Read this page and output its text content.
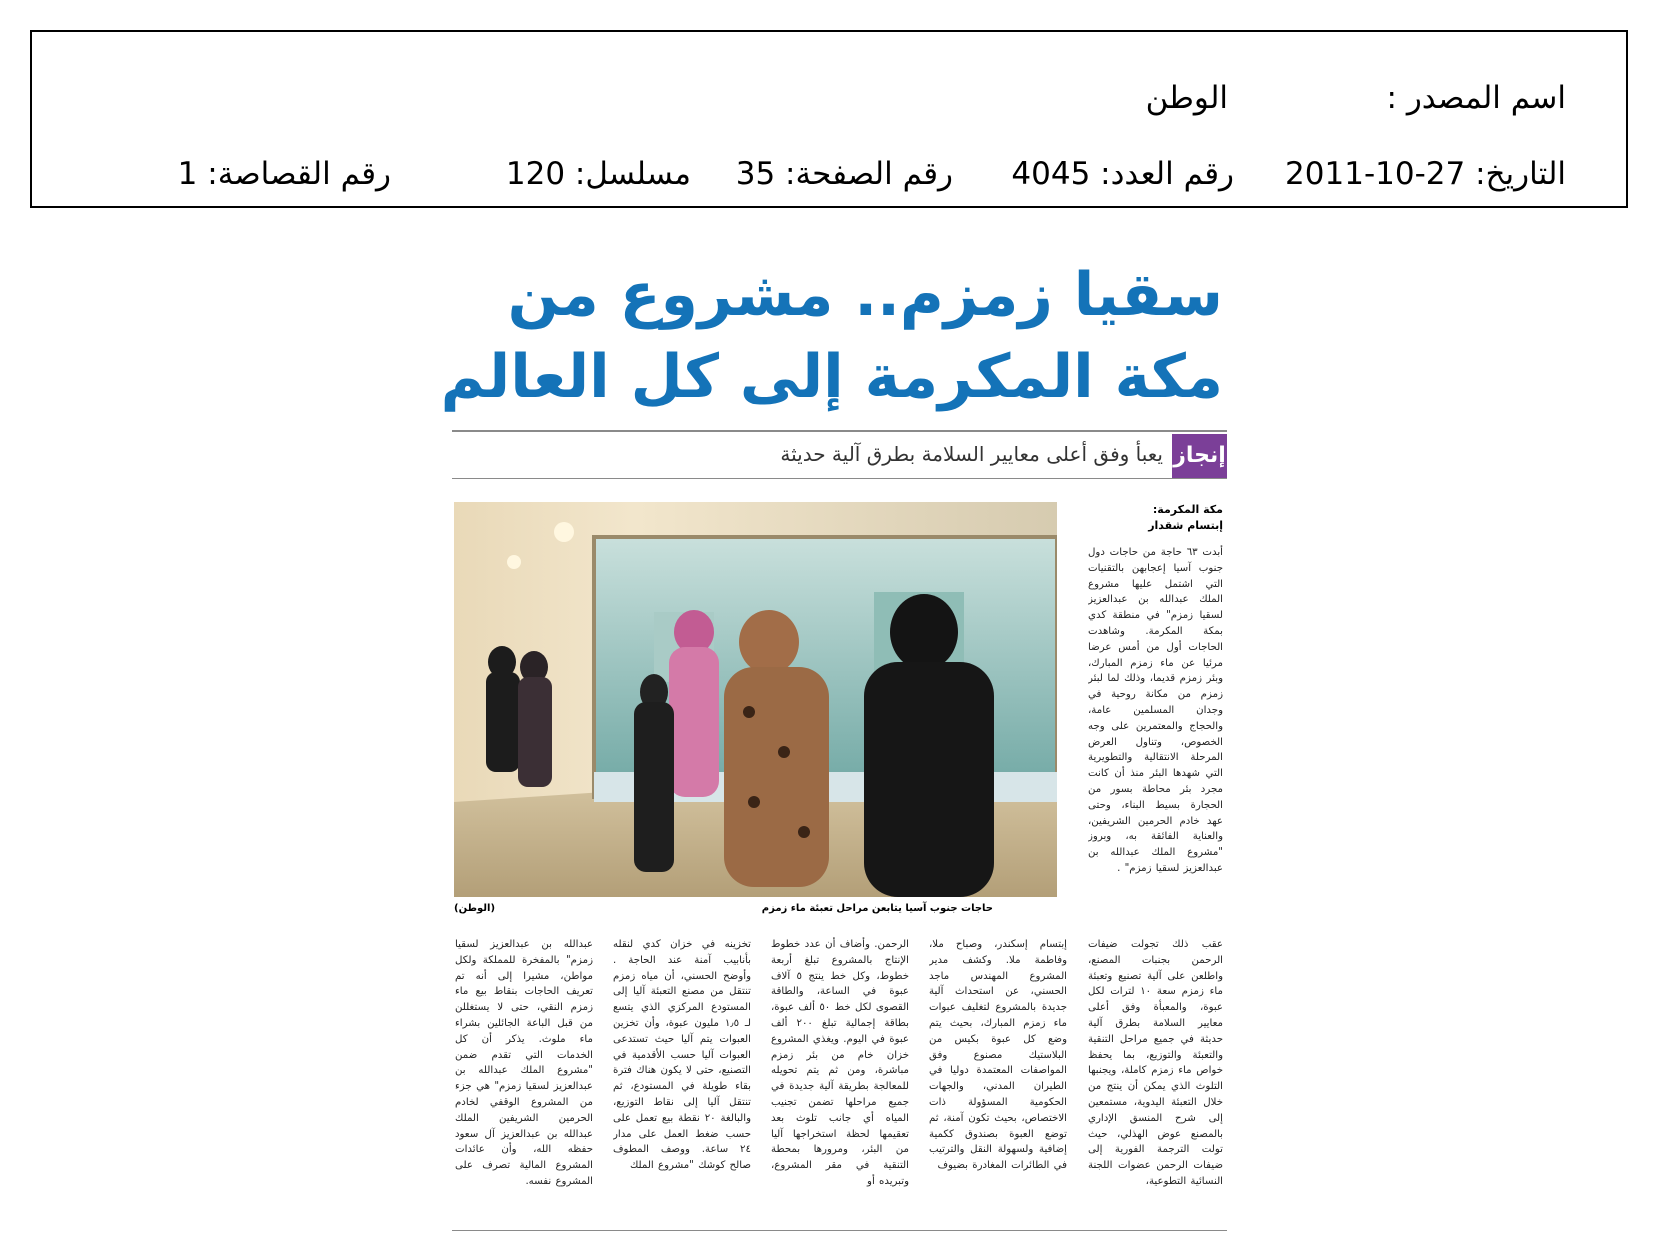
اسم المصدر :
الوطن
التاريخ: 27-10-2011
رقم العدد: 4045
رقم الصفحة: 35
مسلسل: 120
رقم القصاصة: 1
سقيا زمزم.. مشروع من
مكة المكرمة إلى كل العالم
إنجاز
يعبأ وفق أعلى معايير السلامة بطرق آلية حديثة
مكة المكرمة:
إبتسام شقدار
حاجات جنوب آسيا يتابعن مراحل تعبئة ماء زمزم
(الوطن)
أبدت ٦٣ حاجة من حاجات دول جنوب آسيا إعجابهن بالتقنيات التي اشتمل عليها مشروع الملك عبدالله بن عبدالعزيز لسقيا زمزم" في منطقة كدي بمكة المكرمة. وشاهدت الحاجات أول من أمس عرضا مرئيا عن ماء زمزم المبارك، وبئر زمزم قديما، وذلك لما لبئر زمزم من مكانة روحية في وجدان المسلمين عامة، والحجاج والمعتمرين على وجه الخصوص، وتناول العرض المرحلة الانتقالية والتطويرية التي شهدها البئر منذ أن كانت مجرد بئر محاطة بسور من الحجارة بسيط البناء، وحتى عهد خادم الحرمين الشريفين، والعناية الفائقة به، وبروز "مشروع الملك عبدالله بن عبدالعزيز لسقيا زمزم" .
عقب ذلك تجولت ضيفات الرحمن بجنبات المصنع، واطلعن على آلية تصنيع وتعبئة ماء زمزم سعة ١٠ لترات لكل عبوة، والمعبأة وفق أعلى معايير السلامة بطرق آلية حديثة في جميع مراحل التنقية والتعبئة والتوزيع، بما يحفظ خواص ماء زمزم كاملة، ويجنبها التلوث الذي يمكن أن ينتج من خلال التعبئة اليدوية، مستمعين إلى شرح المنسق الإداري بالمصنع عوض الهذلي، حيث تولت الترجمة الفورية إلى ضيفات الرحمن عضوات اللجنة النسائية التطوعية،
إبتسام إسكندر، وصباح ملا، وفاطمة ملا. وكشف مدير المشروع المهندس ماجد الحسني، عن استحداث آلية جديدة بالمشروع لتغليف عبوات ماء زمزم المبارك، بحيث يتم وضع كل عبوة بكيس من البلاستيك مصنوع وفق المواصفات المعتمدة دوليا في الطيران المدني، والجهات الحكومية المسؤولة ذات الاختصاص، بحيث تكون آمنة، ثم توضع العبوة بصندوق ككمية إضافية ولسهولة النقل والترتيب في الطائرات المغادرة بضيوف
الرحمن. وأضاف أن عدد خطوط الإنتاج بالمشروع تبلغ أربعة خطوط، وكل خط ينتج ٥ آلاف عبوة في الساعة، والطاقة القصوى لكل خط ٥٠ ألف عبوة، بطاقة إجمالية تبلغ ٢٠٠ ألف عبوة في اليوم. ويغذي المشروع خزان خام من بئر زمزم مباشرة، ومن ثم يتم تحويله للمعالجة بطريقة آلية جديدة في جميع مراحلها تضمن تجنيب المياه أي جانب تلوث بعد تعقيمها لحظة استخراجها آليا من البئر، ومرورها بمحطة التنقية في مقر المشروع، وتبريده أو
تخزينه في خزان كدي لنقله بأنابيب آمنة عند الحاجة . وأوضح الحسني، أن مياه زمزم تنتقل من مصنع التعبئة آليا إلى المستودع المركزي الذي يتسع لـ ١٫٥ مليون عبوة، وأن تخزين العبوات يتم آليا حيث تستدعى العبوات آليا حسب الأقدمية في التصنيع، حتى لا يكون هناك فترة بقاء طويلة في المستودع، ثم تنتقل آليا إلى نقاط التوزيع، والبالغة ٢٠ نقطة بيع تعمل على حسب ضغط العمل على مدار ٢٤ ساعة. ووصف المطوف صالح كوشك "مشروع الملك
عبدالله بن عبدالعزيز لسقيا زمزم" بالمفخرة للمملكة ولكل مواطن، مشيرا إلى أنه تم تعريف الحاجات بنقاط بيع ماء زمزم النقي، حتى لا يستغللن من قبل الباعة الجائلين بشراء ماء ملوث. يذكر أن كل الخدمات التي تقدم ضمن "مشروع الملك عبدالله بن عبدالعزيز لسقيا زمزم" هي جزء من المشروع الوقفي لخادم الحرمين الشريفين الملك عبدالله بن عبدالعزيز آل سعود حفظه الله، وأن عائدات المشروع المالية تصرف على المشروع نفسه.
